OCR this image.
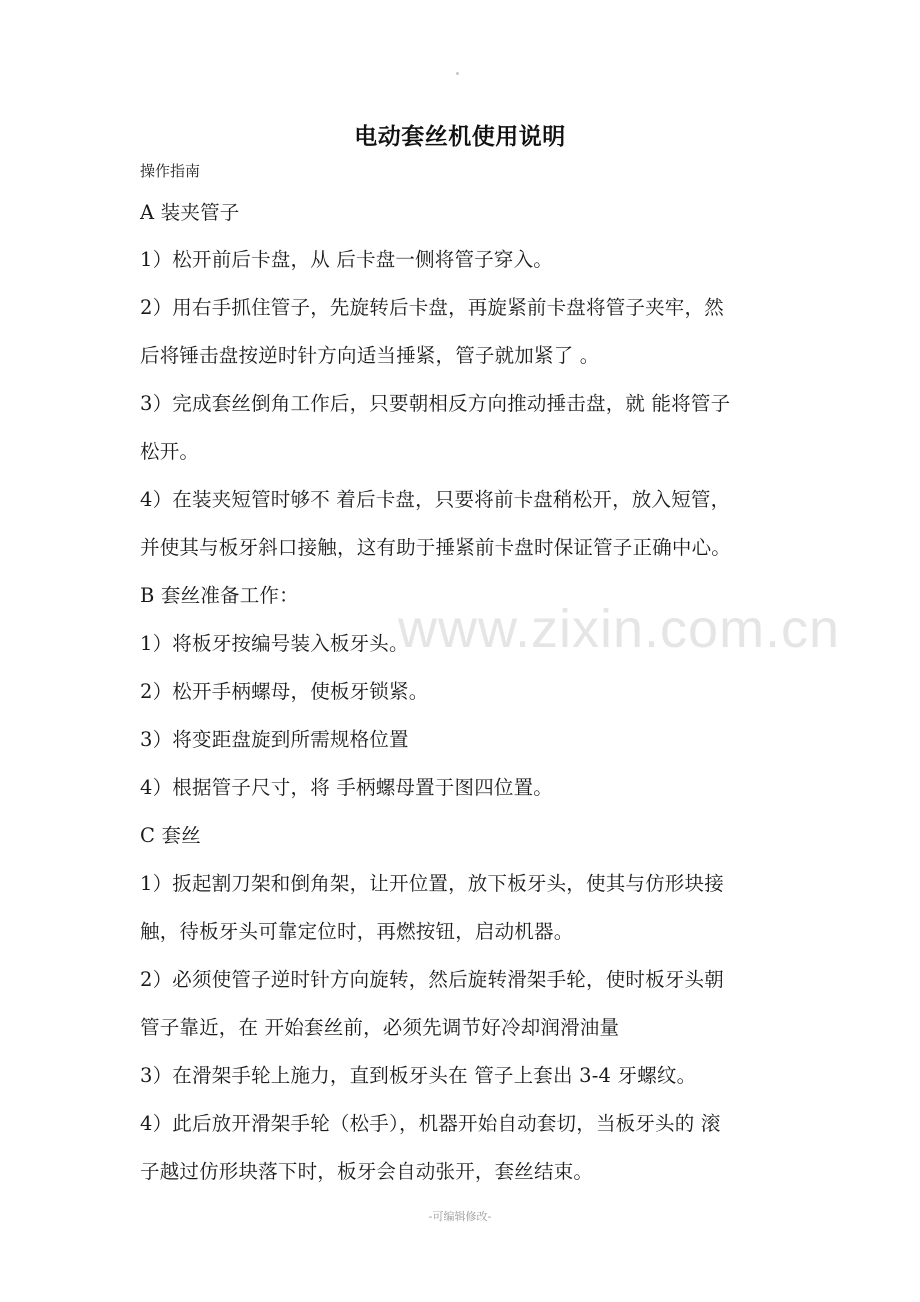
电动套丝机使用说明
操作指南
A 装夹管子
1）松开前后卡盘，从 后卡盘一侧将管子穿入。
2）用右手抓住管子，先旋转后卡盘，再旋紧前卡盘将管子夹牢，然
后将锤击盘按逆时针方向适当捶紧，管子就加紧了 。
3）完成套丝倒角工作后，只要朝相反方向推动捶击盘，就 能将管子
松开。
4）在装夹短管时够不 着后卡盘，只要将前卡盘稍松开，放入短管，
并使其与板牙斜口接触，这有助于捶紧前卡盘时保证管子正确中心。
B 套丝准备工作：
1）将板牙按编号装入板牙头。
2）松开手柄螺母，使板牙锁紧。
3）将变距盘旋到所需规格位置
4）根据管子尺寸，将 手柄螺母置于图四位置。
C 套丝
1）扳起割刀架和倒角架，让开位置，放下板牙头，使其与仿形块接
触，待板牙头可靠定位时，再燃按钮，启动机器。
2）必须使管子逆时针方向旋转，然后旋转滑架手轮，使时板牙头朝
管子靠近，在 开始套丝前，必须先调节好冷却润滑油量
3）在滑架手轮上施力，直到板牙头在 管子上套出 3-4 牙螺纹。
4）此后放开滑架手轮（松手），机器开始自动套切，当板牙头的 滚
子越过仿形块落下时，板牙会自动张开，套丝结束。
www.zixin.com.cn
-可编辑修改-
